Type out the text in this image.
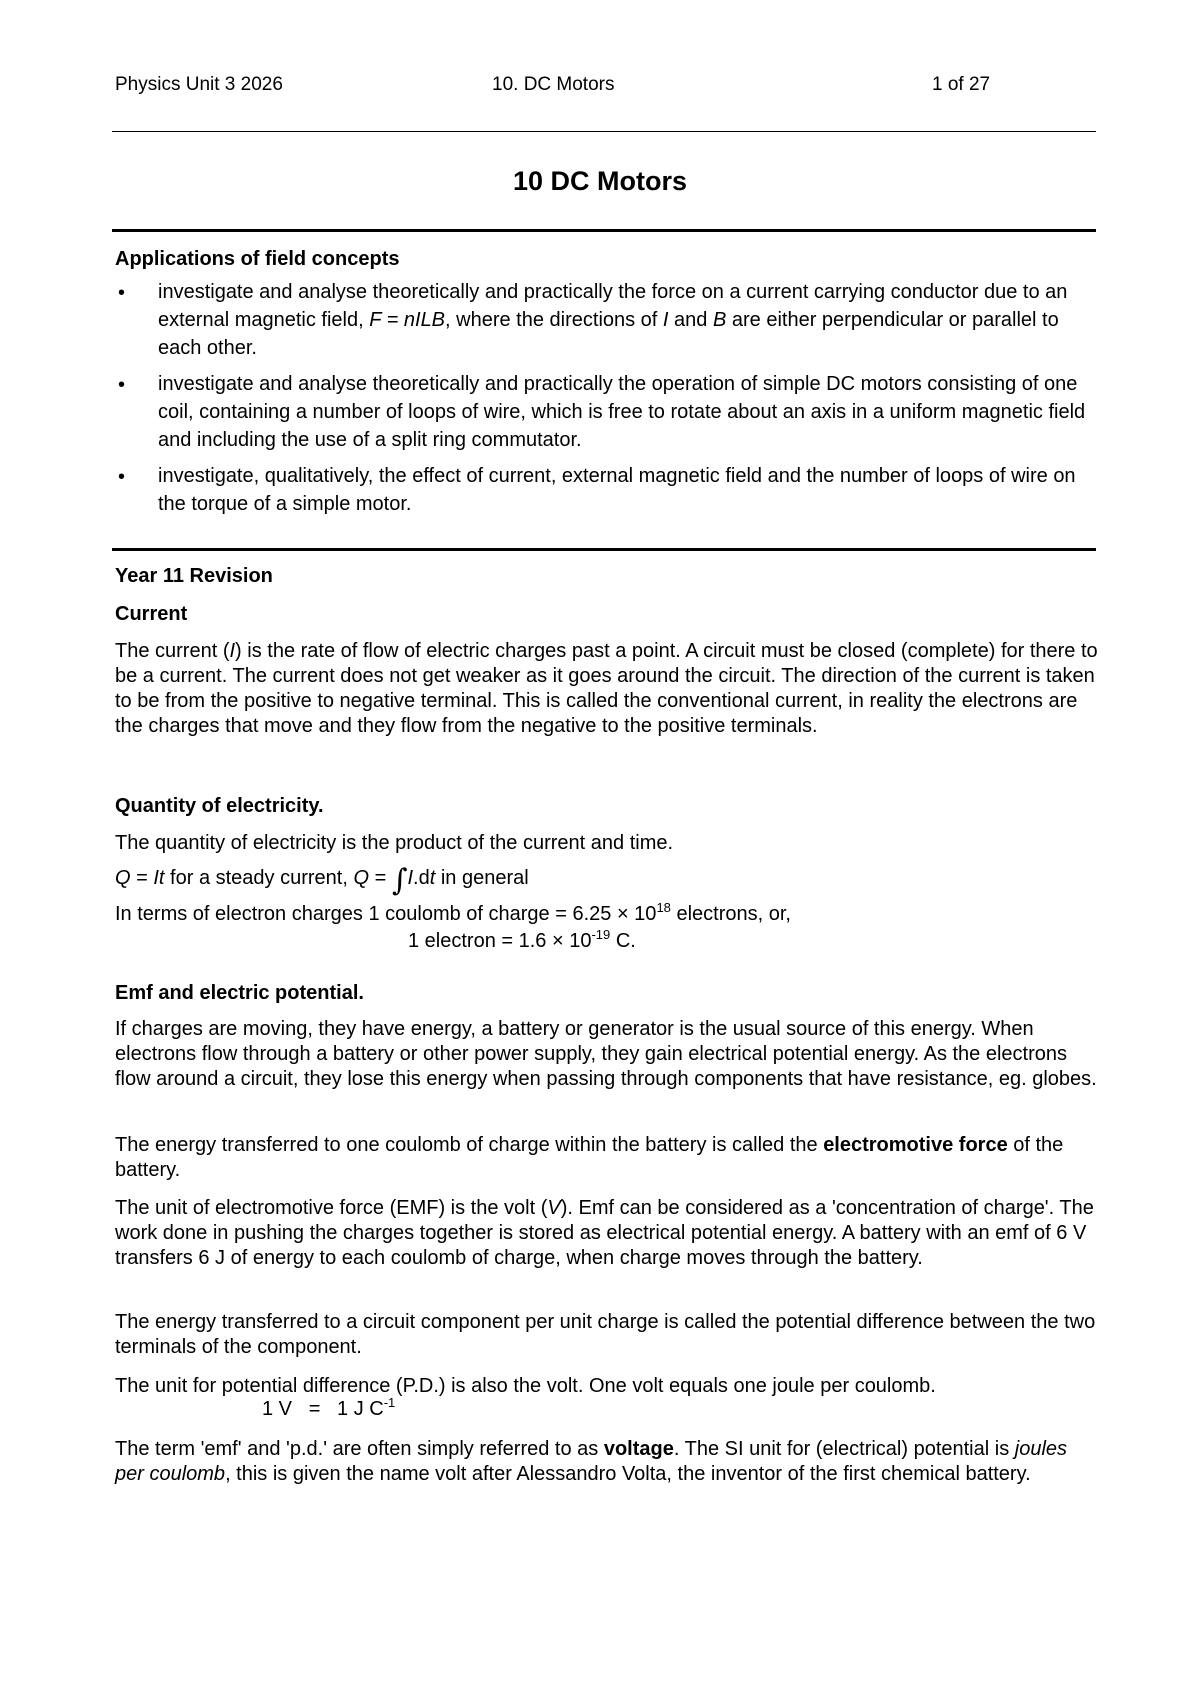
Physics Unit 3 2026	10. DC Motors	1 of 27
10 DC Motors
Applications of field concepts
• investigate and analyse theoretically and practically the force on a current carrying conductor due to an external magnetic field, F = nILB, where the directions of I and B are either perpendicular or parallel to each other.
• investigate and analyse theoretically and practically the operation of simple DC motors consisting of one coil, containing a number of loops of wire, which is free to rotate about an axis in a uniform magnetic field and including the use of a split ring commutator.
• investigate, qualitatively, the effect of current, external magnetic field and the number of loops of wire on the torque of a simple motor.
Year 11 Revision
Current
The current (I) is the rate of flow of electric charges past a point. A circuit must be closed (complete) for there to be a current. The current does not get weaker as it goes around the circuit. The direction of the current is taken to be from the positive to negative terminal. This is called the conventional current, in reality the electrons are the charges that move and they flow from the negative to the positive terminals.
Quantity of electricity.
The quantity of electricity is the product of the current and time.
Q = It for a steady current, Q = ∫I.dt in general
In terms of electron charges 1 coulomb of charge = $6.25 \times 10^{18}$ electrons, or,
1 electron = $1.6 \times 10^{-19}$ C.
Emf and electric potential.
If charges are moving, they have energy, a battery or generator is the usual source of this energy. When electrons flow through a battery or other power supply, they gain electrical potential energy. As the electrons flow around a circuit, they lose this energy when passing through components that have resistance, eg. globes.
The energy transferred to one coulomb of charge within the battery is called the electromotive force of the battery.
The unit of electromotive force (EMF) is the volt (V). Emf can be considered as a 'concentration of charge'. The work done in pushing the charges together is stored as electrical potential energy. A battery with an emf of 6 V transfers 6 J of energy to each coulomb of charge, when charge moves through the battery.
The energy transferred to a circuit component per unit charge is called the potential difference between the two terminals of the component.
The unit for potential difference (P.D.) is also the volt. One volt equals one joule per coulomb.
1 V   =   1 J $C^{-1}$
The term 'emf' and 'p.d.' are often simply referred to as voltage. The SI unit for (electrical) potential is joules per coulomb, this is given the name volt after Alessandro Volta, the inventor of the first chemical battery.
